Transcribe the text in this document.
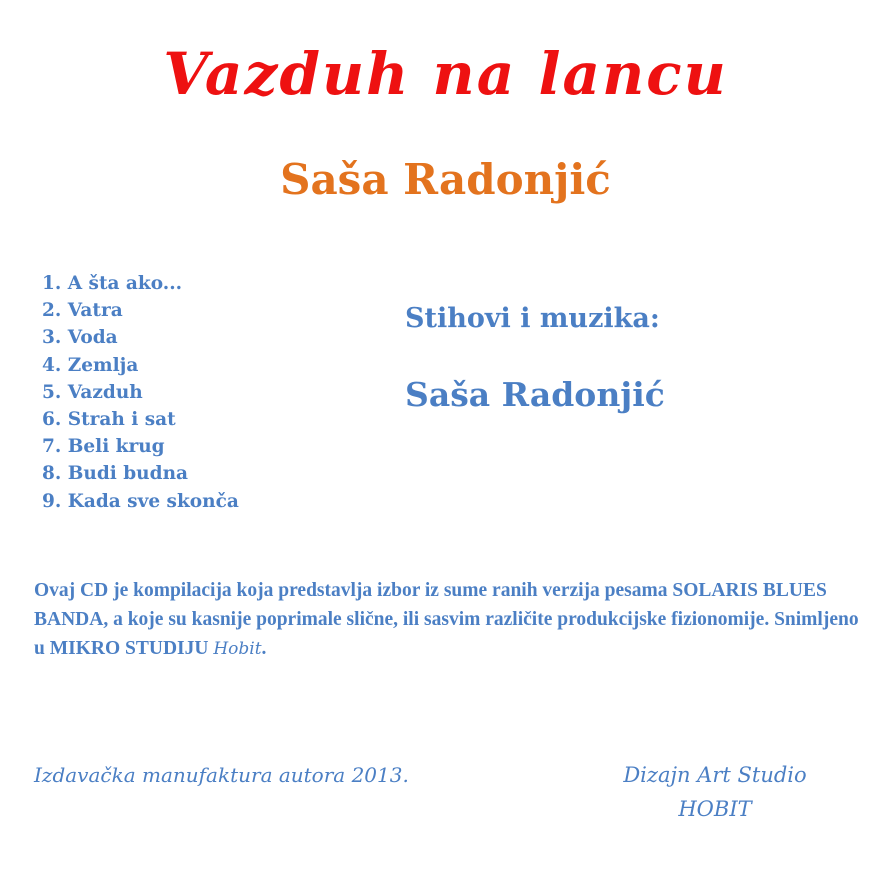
Vazduh na lancu
Saša Radonjić
1. A šta ako...
2. Vatra
3. Voda
4. Zemlja
5. Vazduh
6. Strah i sat
7. Beli krug
8. Budi budna
9. Kada sve skonča

Stihovi i muzika:

Saša Radonjić

Ovaj CD je kompilacija koja predstavlja izbor iz sume ranih verzija pesama SOLARIS BLUES BANDA, a koje su kasnije poprimale slične, ili sasvim različite produkcijske fizionomije. Snimljeno u MIKRO STUDIJU Hobit.

Izdavačka manufaktura autora 2013.	Dizajn Art Studio
HOBIT
